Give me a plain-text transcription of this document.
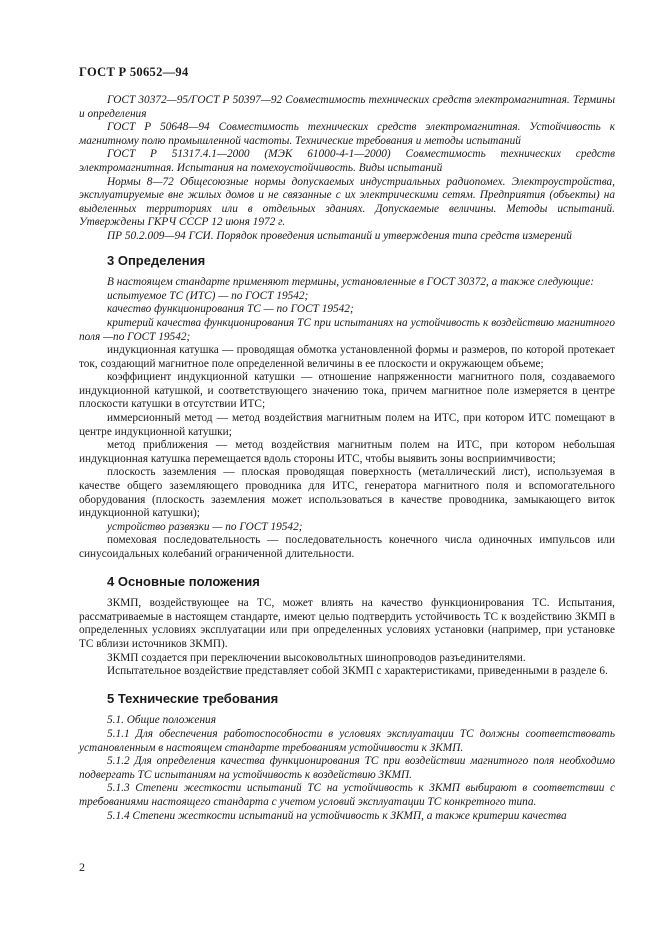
ГОСТ Р 50652—94

ГОСТ 30372—95/ГОСТ Р 50397—92 Совместимость технических средств электромагнитная. Термины и определения

ГОСТ Р 50648—94 Совместимость технических средств электромагнитная. Устойчивость к магнитному полю промышленной частоты. Технические требования и методы испытаний

ГОСТ Р 51317.4.1—2000 (МЭК 61000-4-1—2000) Совместимость технических средств электромагнитная. Испытания на помехоустойчивость. Виды испытаний

Нормы 8—72 Общесоюзные нормы допускаемых индустриальных радиопомех. Электроустройства, эксплуатируемые вне жилых домов и не связанные с их электрическими сетям. Предприятия (объекты) на выделенных территориях или в отдельных зданиях. Допускаемые величины. Методы испытаний. Утверждены ГКРЧ СССР 12 июня 1972 г.

ПР 50.2.009—94 ГСИ. Порядок проведения испытаний и утверждения типа средств измерений

3 Определения

В настоящем стандарте применяют термины, установленные в ГОСТ 30372, а также следующие:

испытуемое ТС (ИТС) — по ГОСТ 19542;

качество функционирования ТС — по ГОСТ 19542;

критерий качества функционирования ТС при испытаниях на устойчивость к воздействию магнитного поля —по ГОСТ 19542;

индукционная катушка — проводящая обмотка установленной формы и размеров, по которой протекает ток, создающий магнитное поле определенной величины в ее плоскости и окружающем объеме;

коэффициент индукционной катушки — отношение напряженности магнитного поля, создаваемого индукционной катушкой, и соответствующего значению тока, причем магнитное поле измеряется в центре плоскости катушки в отсутствии ИТС;

иммерсионный метод — метод воздействия магнитным полем на ИТС, при котором ИТС помещают в центре индукционной катушки;

метод приближения — метод воздействия магнитным полем на ИТС, при котором небольшая индукционная катушка перемещается вдоль стороны ИТС, чтобы выявить зоны восприимчивости;

плоскость заземления — плоская проводящая поверхность (металлический лист), используемая в качестве общего заземляющего проводника для ИТС, генератора магнитного поля и вспомогательного оборудования (плоскость заземления может использоваться в качестве проводника, замыкающего виток индукционной катушки);

устройство развязки — по ГОСТ 19542;

помеховая последовательность — последовательность конечного числа одиночных импульсов или синусоидальных колебаний ограниченной длительности.

4 Основные положения

ЗКМП, воздействующее на ТС, может влиять на качество функционирования ТС. Испытания, рассматриваемые в настоящем стандарте, имеют целью подтвердить устойчивость ТС к воздействию ЗКМП в определенных условиях эксплуатации или при определенных условиях установки (например, при установке ТС вблизи источников ЗКМП).

ЗКМП создается при переключении высоковольтных шинопроводов разъединителями.

Испытательное воздействие представляет собой ЗКМП с характеристиками, приведенными в разделе 6.

5 Технические требования

5.1. Общие положения

5.1.1 Для обеспечения работоспособности в условиях эксплуатации ТС должны соответствовать установленным в настоящем стандарте требованиям устойчивости к ЗКМП.

5.1.2 Для определения качества функционирования ТС при воздействии магнитного поля необходимо подвергать ТС испытаниям на устойчивость к воздействию ЗКМП.

5.1.3 Степени жесткости испытаний ТС на устойчивость к ЗКМП выбирают в соответствии с требованиями настоящего стандарта с учетом условий эксплуатации ТС конкретного типа.

5.1.4 Степени жесткости испытаний на устойчивость к ЗКМП, а также критерии качества

2
